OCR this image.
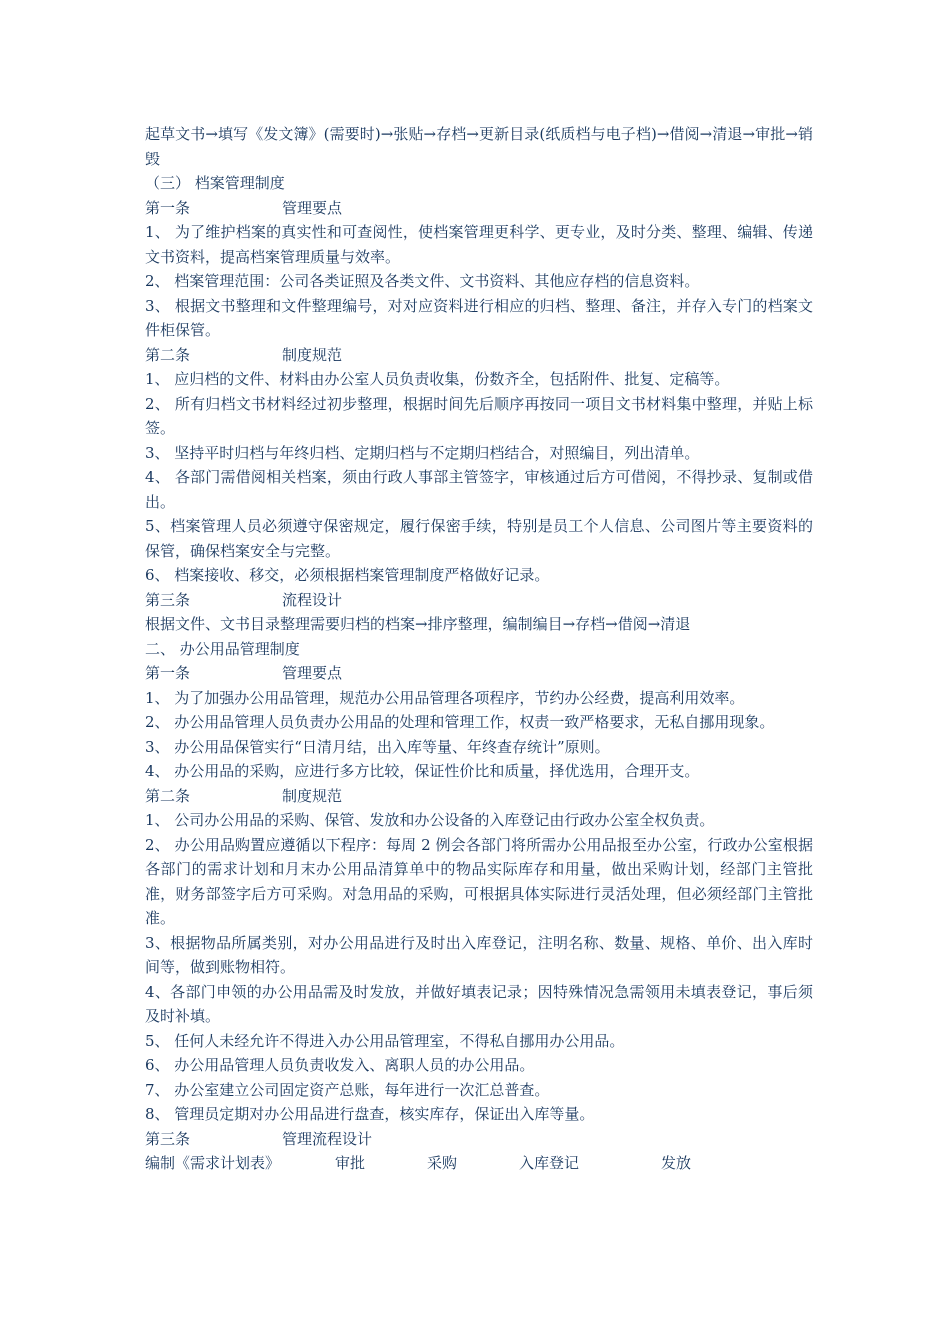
起草文书→填写《发文簿》(需要时)→张贴→存档→更新目录(纸质档与电子档)→借阅→清退→审批→销毁
（三） 档案管理制度
第一条	管理要点
1、 为了维护档案的真实性和可查阅性，使档案管理更科学、更专业，及时分类、整理、编辑、传递文书资料，提高档案管理质量与效率。
2、 档案管理范围：公司各类证照及各类文件、文书资料、其他应存档的信息资料。
3、 根据文书整理和文件整理编号，对对应资料进行相应的归档、整理、备注，并存入专门的档案文件柜保管。
第二条	制度规范
1、 应归档的文件、材料由办公室人员负责收集，份数齐全，包括附件、批复、定稿等。
2、 所有归档文书材料经过初步整理，根据时间先后顺序再按同一项目文书材料集中整理，并贴上标签。
3、 坚持平时归档与年终归档、定期归档与不定期归档结合，对照编目，列出清单。
4、 各部门需借阅相关档案，须由行政人事部主管签字，审核通过后方可借阅，不得抄录、复制或借出。
5、档案管理人员必须遵守保密规定，履行保密手续，特别是员工个人信息、公司图片等主要资料的保管，确保档案安全与完整。
6、 档案接收、移交，必须根据档案管理制度严格做好记录。
第三条	流程设计
根据文件、文书目录整理需要归档的档案→排序整理，编制编目→存档→借阅→清退
二、 办公用品管理制度
第一条	管理要点
1、 为了加强办公用品管理，规范办公用品管理各项程序，节约办公经费，提高利用效率。
2、 办公用品管理人员负责办公用品的处理和管理工作，权责一致严格要求，无私自挪用现象。
3、 办公用品保管实行“日清月结，出入库等量、年终查存统计”原则。
4、 办公用品的采购，应进行多方比较，保证性价比和质量，择优选用，合理开支。
第二条	制度规范
1、 公司办公用品的采购、保管、发放和办公设备的入库登记由行政办公室全权负责。
2、 办公用品购置应遵循以下程序：每周 2 例会各部门将所需办公用品报至办公室，行政办公室根据各部门的需求计划和月末办公用品清算单中的物品实际库存和用量，做出采购计划，经部门主管批准，财务部签字后方可采购。对急用品的采购，可根据具体实际进行灵活处理，但必须经部门主管批准。
3、根据物品所属类别，对办公用品进行及时出入库登记，注明名称、数量、规格、单价、出入库时间等，做到账物相符。
4、各部门申领的办公用品需及时发放，并做好填表记录；因特殊情况急需领用未填表登记，事后须及时补填。
5、 任何人未经允许不得进入办公用品管理室，不得私自挪用办公用品。
6、 办公用品管理人员负责收发入、离职人员的办公用品。
7、 办公室建立公司固定资产总账，每年进行一次汇总普查。
8、 管理员定期对办公用品进行盘查，核实库存，保证出入库等量。
第三条	管理流程设计
编制《需求计划表》	审批	采购	入库登记	发放
